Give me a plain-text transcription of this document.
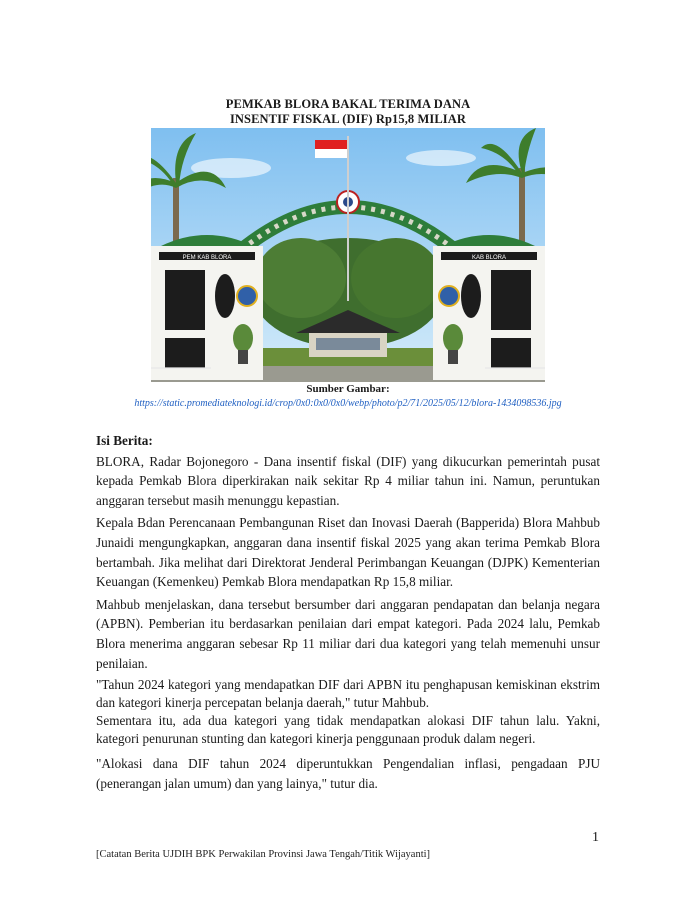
PEMKAB BLORA BAKAL TERIMA DANA
INSENTIF FISKAL (DIF) Rp15,8 MILIAR
PEM KAB BLORA	KAB BLORA
Sumber Gambar:
https://static.promediateknologi.id/crop/0x0:0x0/0x0/webp/photo/p2/71/2025/05/12/blora-1434098536.jpg
Isi Berita:

BLORA, Radar Bojonegoro - Dana insentif fiskal (DIF) yang dikucurkan pemerintah pusat kepada Pemkab Blora diperkirakan naik sekitar Rp 4 miliar tahun ini. Namun, peruntukan anggaran tersebut masih menunggu kepastian.

Kepala Bdan Perencanaan Pembangunan Riset dan Inovasi Daerah (Bapperida) Blora Mahbub Junaidi mengungkapkan, anggaran dana insentif fiskal 2025 yang akan terima Pemkab Blora bertambah. Jika melihat dari Direktorat Jenderal Perimbangan Keuangan (DJPK) Kementerian Keuangan (Kemenkeu) Pemkab Blora mendapatkan Rp 15,8 miliar.

Mahbub menjelaskan, dana tersebut bersumber dari anggaran pendapatan dan belanja negara (APBN). Pemberian itu berdasarkan penilaian dari empat kategori. Pada 2024 lalu, Pemkab Blora menerima anggaran sebesar Rp 11 miliar dari dua kategori yang telah memenuhi unsur penilaian.

"Tahun 2024 kategori yang mendapatkan DIF dari APBN itu penghapusan kemiskinan ekstrim dan kategori kinerja percepatan belanja daerah," tutur Mahbub.

Sementara itu, ada dua kategori yang tidak mendapatkan alokasi DIF tahun lalu. Yakni, kategori penurunan stunting dan kategori kinerja penggunaan produk dalam negeri.

"Alokasi dana DIF tahun 2024 diperuntukkan Pengendalian inflasi, pengadaan PJU (penerangan jalan umum) dan yang lainya," tutur dia.

1
[Catatan Berita UJDIH BPK Perwakilan Provinsi Jawa Tengah/Titik Wijayanti]
